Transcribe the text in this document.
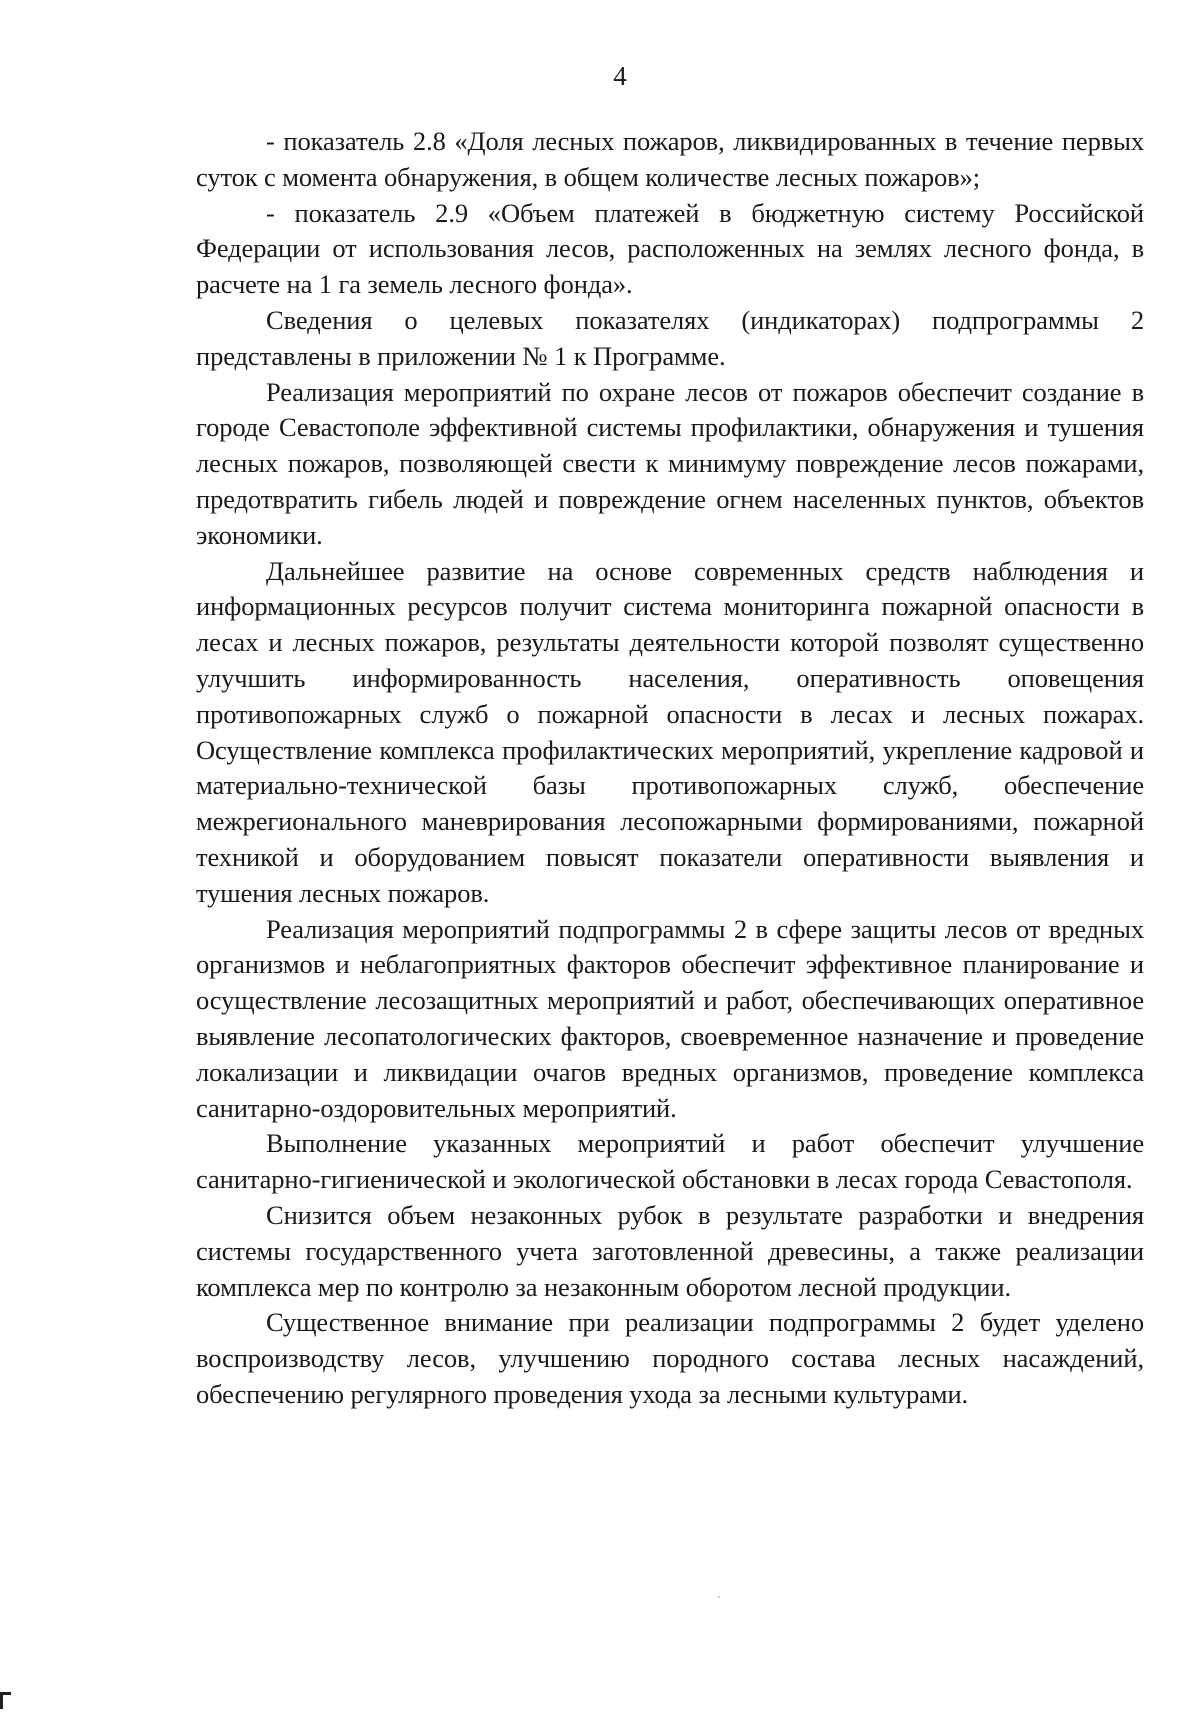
4

- показатель 2.8 «Доля лесных пожаров, ликвидированных в течение первых суток с момента обнаружения, в общем количестве лесных пожаров»;

- показатель 2.9 «Объем платежей в бюджетную систему Российской Федерации от использования лесов, расположенных на землях лесного фонда, в расчете на 1 га земель лесного фонда».

Сведения о целевых показателях (индикаторах) подпрограммы 2 представлены в приложении № 1 к Программе.

Реализация мероприятий по охране лесов от пожаров обеспечит создание в городе Севастополе эффективной системы профилактики, обнаружения и тушения лесных пожаров, позволяющей свести к минимуму повреждение лесов пожарами, предотвратить гибель людей и повреждение огнем населенных пунктов, объектов экономики.

Дальнейшее развитие на основе современных средств наблюдения и информационных ресурсов получит система мониторинга пожарной опасности в лесах и лесных пожаров, результаты деятельности которой позволят существенно улучшить информированность населения, оперативность оповещения противопожарных служб о пожарной опасности в лесах и лесных пожарах. Осуществление комплекса профилактических мероприятий, укрепление кадровой и материально-технической базы противопожарных служб, обеспечение межрегионального маневрирования лесопожарными формированиями, пожарной техникой и оборудованием повысят показатели оперативности выявления и тушения лесных пожаров.

Реализация мероприятий подпрограммы 2 в сфере защиты лесов от вредных организмов и неблагоприятных факторов обеспечит эффективное планирование и осуществление лесозащитных мероприятий и работ, обеспечивающих оперативное выявление лесопатологических факторов, своевременное назначение и проведение локализации и ликвидации очагов вредных организмов, проведение комплекса санитарно-оздоровительных мероприятий.

Выполнение указанных мероприятий и работ обеспечит улучшение санитарно-гигиенической и экологической обстановки в лесах города Севастополя.

Снизится объем незаконных рубок в результате разработки и внедрения системы государственного учета заготовленной древесины, а также реализации комплекса мер по контролю за незаконным оборотом лесной продукции.

Существенное внимание при реализации подпрограммы 2 будет уделено воспроизводству лесов, улучшению породного состава лесных насаждений, обеспечению регулярного проведения ухода за лесными культурами.
